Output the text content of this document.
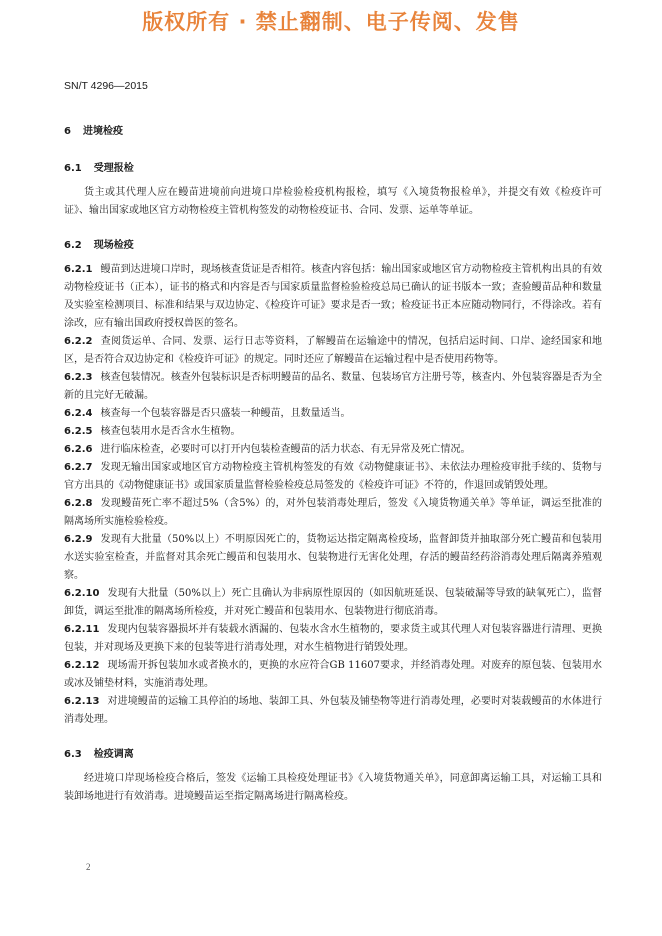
版权所有 · 禁止翻制、电子传阅、发售
SN/T 4296—2015
6 进境检疫
6.1 受理报检

货主或其代理人应在鳗苗进境前向进境口岸检验检疫机构报检，填写《入境货物报检单》，并提交有效《检疫许可证》、输出国家或地区官方动物检疫主管机构签发的动物检疫证书、合同、发票、运单等单证。

6.2 现场检疫

6.2.1 鳗苗到达进境口岸时，现场核查货证是否相符。核查内容包括：输出国家或地区官方动物检疫主管机构出具的有效动物检疫证书（正本），证书的格式和内容是否与国家质量监督检验检疫总局已确认的证书版本一致；查验鳗苗品种和数量及实验室检测项目、标准和结果与双边协定、《检疫许可证》要求是否一致；检疫证书正本应随动物同行，不得涂改。若有涂改，应有输出国政府授权兽医的签名。

6.2.2 查阅货运单、合同、发票、运行日志等资料，了解鳗苗在运输途中的情况，包括启运时间、口岸、途经国家和地区，是否符合双边协定和《检疫许可证》的规定。同时还应了解鳗苗在运输过程中是否使用药物等。

6.2.3 核查包装情况。核查外包装标识是否标明鳗苗的品名、数量、包装场官方注册号等，核查内、外包装容器是否为全新的且完好无破漏。

6.2.4 核查每一个包装容器是否只盛装一种鳗苗，且数量适当。

6.2.5 核查包装用水是否含水生植物。

6.2.6 进行临床检查，必要时可以打开内包装检查鳗苗的活力状态、有无异常及死亡情况。

6.2.7 发现无输出国家或地区官方动物检疫主管机构签发的有效《动物健康证书》、未依法办理检疫审批手续的、货物与官方出具的《动物健康证书》或国家质量监督检验检疫总局签发的《检疫许可证》不符的，作退回或销毁处理。

6.2.8 发现鳗苗死亡率不超过5%（含5%）的，对外包装消毒处理后，签发《入境货物通关单》等单证，调运至批准的隔离场所实施检验检疫。

6.2.9 发现有大批量（50%以上）不明原因死亡的，货物运达指定隔离检疫场，监督卸货并抽取部分死亡鳗苗和包装用水送实验室检查，并监督对其余死亡鳗苗和包装用水、包装物进行无害化处理，存活的鳗苗经药浴消毒处理后隔离养殖观察。

6.2.10 发现有大批量（50%以上）死亡且确认为非病原性原因的（如因航班延误、包装破漏等导致的缺氧死亡），监督卸货，调运至批准的隔离场所检疫，并对死亡鳗苗和包装用水、包装物进行彻底消毒。

6.2.11 发现内包装容器损坏并有装载水洒漏的、包装水含水生植物的，要求货主或其代理人对包装容器进行清理、更换包装，并对现场及更换下来的包装等进行消毒处理，对水生植物进行销毁处理。

6.2.12 现场需开拆包装加水或者换水的，更换的水应符合GB 11607要求，并经消毒处理。对废弃的原包装、包装用水或冰及铺垫材料，实施消毒处理。

6.2.13 对进境鳗苗的运输工具停泊的场地、装卸工具、外包装及铺垫物等进行消毒处理，必要时对装载鳗苗的水体进行消毒处理。

6.3 检疫调离

经进境口岸现场检疫合格后，签发《运输工具检疫处理证书》《入境货物通关单》，同意卸离运输工具，对运输工具和装卸场地进行有效消毒。进境鳗苗运至指定隔离场进行隔离检疫。

2
